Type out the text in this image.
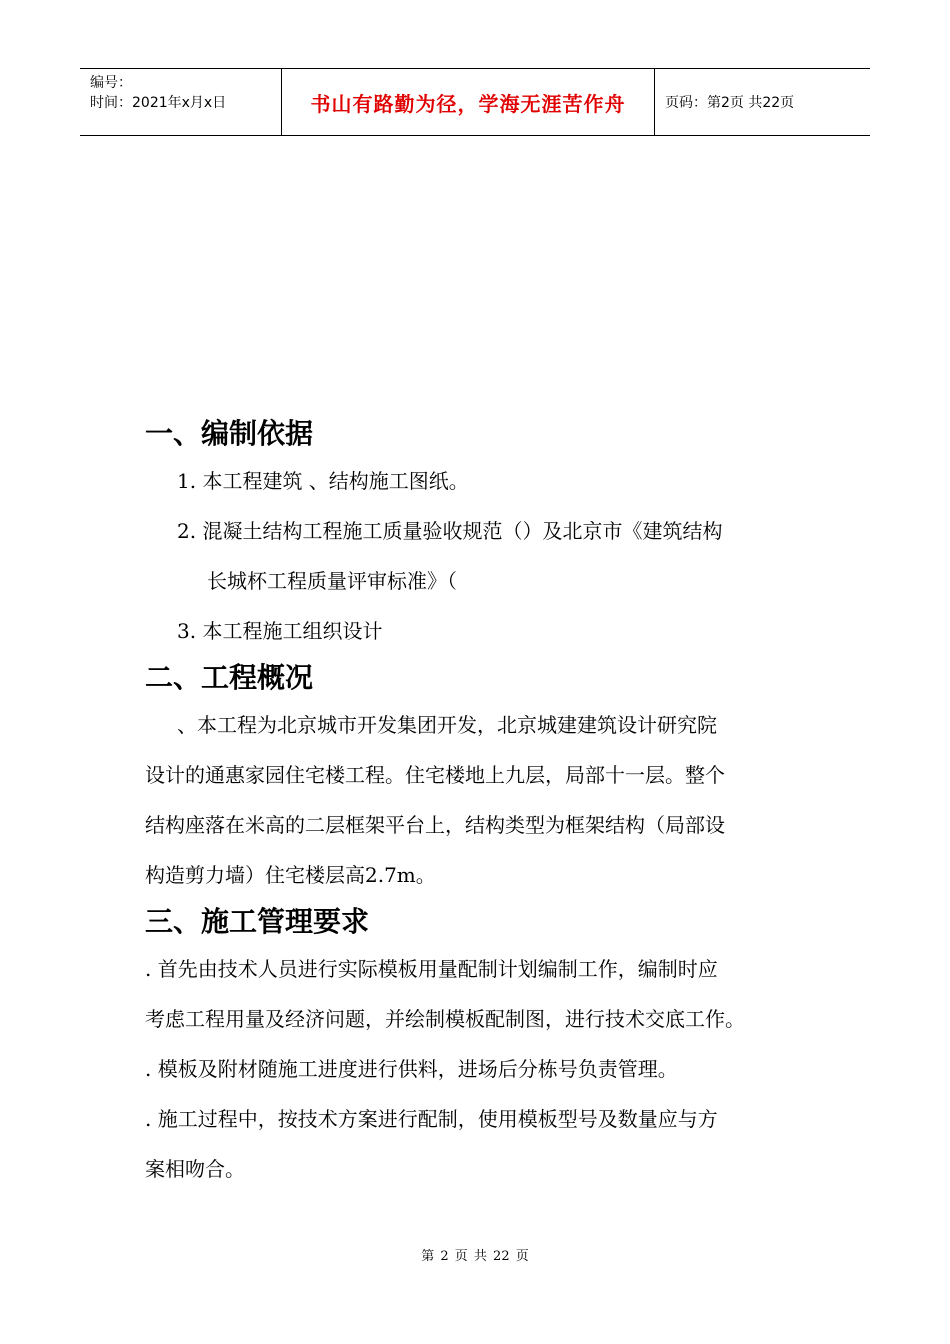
编号：
时间：2021年x月x日	书山有路勤为径，学海无涯苦作舟	页码：第2页 共22页
一、编制依据
1. 本工程建筑 、结构施工图纸。
2. 混凝土结构工程施工质量验收规范（）及北京市《建筑结构
长城杯工程质量评审标准》（
3. 本工程施工组织设计
二、工程概况
、本工程为北京城市开发集团开发，北京城建建筑设计研究院
设计的通惠家园住宅楼工程。住宅楼地上九层，局部十一层。整个
结构座落在米高的二层框架平台上，结构类型为框架结构（局部设
构造剪力墙）住宅楼层高2.7m。
三、施工管理要求
. 首先由技术人员进行实际模板用量配制计划编制工作，编制时应
考虑工程用量及经济问题，并绘制模板配制图，进行技术交底工作。
. 模板及附材随施工进度进行供料，进场后分栋号负责管理。
. 施工过程中，按技术方案进行配制，使用模板型号及数量应与方
案相吻合。
第 2 页 共 22 页
